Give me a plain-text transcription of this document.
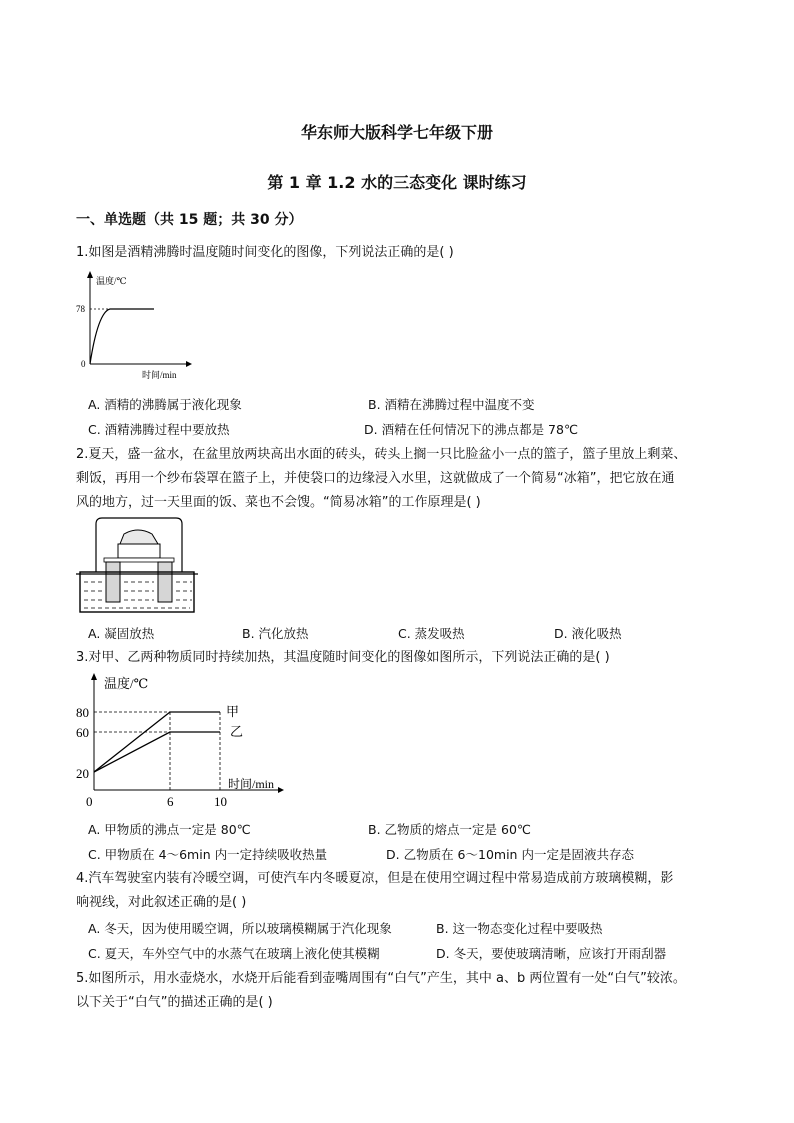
华东师大版科学七年级下册
第 1 章 1.2 水的三态变化 课时练习
一、单选题（共 15 题；共 30 分）
1.如图是酒精沸腾时温度随时间变化的图像，下列说法正确的是( )
温度/℃
时间/min
78
0
A. 酒精的沸腾属于液化现象	B. 酒精在沸腾过程中温度不变
C. 酒精沸腾过程中要放热	D. 酒精在任何情况下的沸点都是 78℃
2.夏天，盛一盆水，在盆里放两块高出水面的砖头，砖头上搁一只比脸盆小一点的篮子，篮子里放上剩菜、
剩饭，再用一个纱布袋罩在篮子上，并使袋口的边缘浸入水里，这就做成了一个简易“冰箱”，把它放在通
风的地方，过一天里面的饭、菜也不会馊。“简易冰箱”的工作原理是( )
A. 凝固放热	B. 汽化放热	C. 蒸发吸热	D. 液化吸热
3.对甲、乙两种物质同时持续加热，其温度随时间变化的图像如图所示，下列说法正确的是( )
温度/℃
时间/min
80
60
20
0	6	10
甲
乙
A. 甲物质的沸点一定是 80℃	B. 乙物质的熔点一定是 60℃
C. 甲物质在 4～6min 内一定持续吸收热量	D. 乙物质在 6～10min 内一定是固液共存态
4.汽车驾驶室内装有冷暖空调，可使汽车内冬暖夏凉，但是在使用空调过程中常易造成前方玻璃模糊，影
响视线，对此叙述正确的是( )
A. 冬天，因为使用暖空调，所以玻璃模糊属于汽化现象	B. 这一物态变化过程中要吸热
C. 夏天，车外空气中的水蒸气在玻璃上液化使其模糊	D. 冬天，要使玻璃清晰，应该打开雨刮器
5.如图所示，用水壶烧水，水烧开后能看到壶嘴周围有“白气”产生，其中 a、b 两位置有一处“白气”较浓。
以下关于“白气”的描述正确的是( )
